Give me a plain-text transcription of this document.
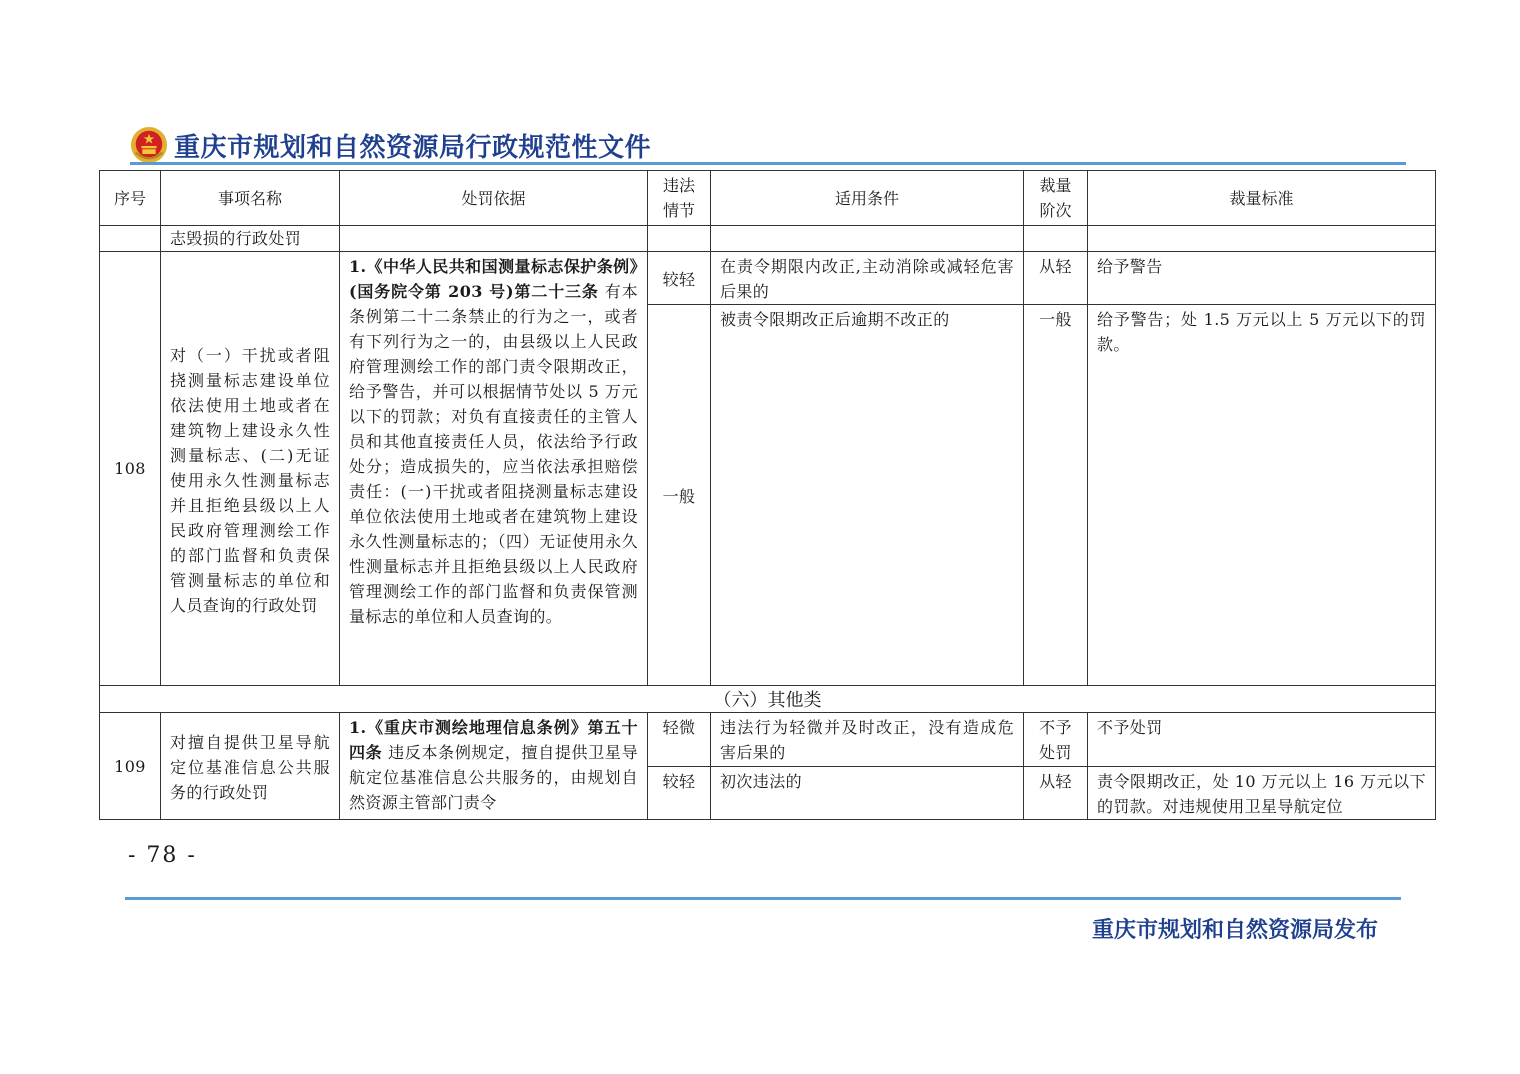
重庆市规划和自然资源局行政规范性文件
序号	事项名称	处罚依据	违法情节	适用条件	裁量阶次	裁量标准

	志毁损的行政处罚					

108	对（一）干扰或者阻挠测量标志建设单位依法使用土地或者在建筑物上建设永久性测量标志、(二)无证使用永久性测量标志并且拒绝县级以上人民政府管理测绘工作的部门监督和负责保管测量标志的单位和人员查询的行政处罚	1.《中华人民共和国测量标志保护条例》(国务院令第 203 号)第二十三条 有本条例第二十二条禁止的行为之一，或者有下列行为之一的，由县级以上人民政府管理测绘工作的部门责令限期改正，给予警告，并可以根据情节处以 5 万元以下的罚款；对负有直接责任的主管人员和其他直接责任人员，依法给予行政处分；造成损失的，应当依法承担赔偿责任：(一)干扰或者阻挠测量标志建设单位依法使用土地或者在建筑物上建设永久性测量标志的；（四）无证使用永久性测量标志并且拒绝县级以上人民政府管理测绘工作的部门监督和负责保管测量标志的单位和人员查询的。	较轻	在责令期限内改正,主动消除或减轻危害后果的	从轻	给予警告

			一般	被责令限期改正后逾期不改正的	一般	给予警告；处 1.5 万元以上 5 万元以下的罚款。

（六）其他类						

109	对擅自提供卫星导航定位基准信息公共服务的行政处罚	1.《重庆市测绘地理信息条例》第五十四条 违反本条例规定，擅自提供卫星导航定位基准信息公共服务的，由规划自然资源主管部门责令	轻微	违法行为轻微并及时改正，没有造成危害后果的	不予处罚	不予处罚

			较轻	初次违法的	从轻	责令限期改正，处 10 万元以上 16 万元以下的罚款。对违规使用卫星导航定位
- 78 -
重庆市规划和自然资源局发布
